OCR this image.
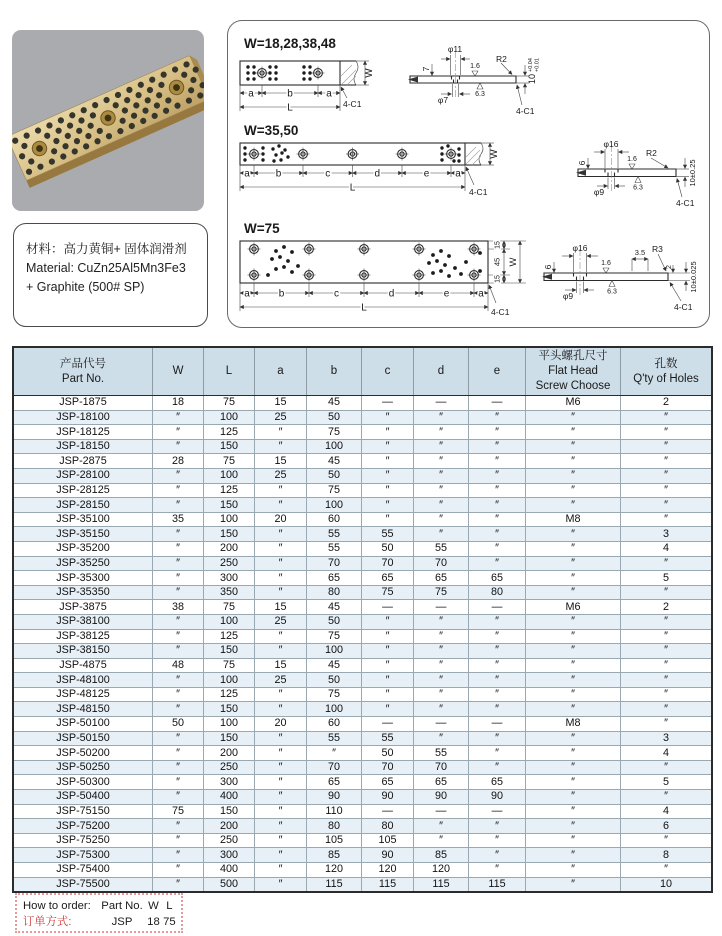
材料：高力黄铜+ 固体润滑剂
Material: CuZn25Al5Mn3Fe3
+ Graphite (500# SP)
W=18,28,38,48
a	b	a
L
W
4-C1
φ11
7
φ7
1.6
6.3
R2
10
+0.04 +0.01
4-C1
W=35,50
a	b	c	d	e	a
L
W
4-C1
φ16
6
φ9
1.6
6.3
R2
10±0.25
4-C1
W=75
a	b	c	d	e	a
L
15
45
15
W
4-C1
φ16	3.5 R3
6
φ9
1.6
6.3
2 10±0.025
4-C1
产品代号
Part No.

W	L	a	b	c	d	e

平头螺孔尺寸
Flat Head
Screw Choose

孔数
Q'ty of Holes

JSP-1875	18	75	15	45	—	—	—	M6	2
JSP-18100	″	100	25	50	″	″	″	″	″
JSP-18125	″	125	″	75	″	″	″	″	″
JSP-18150	″	150	″	100	″	″	″	″	″
JSP-2875	28	75	15	45	″	″	″	″	″
JSP-28100	″	100	25	50	″	″	″	″	″
JSP-28125	″	125	″	75	″	″	″	″	″
JSP-28150	″	150	″	100	″	″	″	″	″
JSP-35100	35	100	20	60	″	″	″	M8	″
JSP-35150	″	150	″	55	55	″	″	″	3
JSP-35200	″	200	″	55	50	55	″	″	4
JSP-35250	″	250	″	70	70	70	″	″	″
JSP-35300	″	300	″	65	65	65	65	″	5
JSP-35350	″	350	″	80	75	75	80	″	″
JSP-3875	38	75	15	45	—	—	—	M6	2
JSP-38100	″	100	25	50	″	″	″	″	″
JSP-38125	″	125	″	75	″	″	″	″	″
JSP-38150	″	150	″	100	″	″	″	″	″
JSP-4875	48	75	15	45	″	″	″	″	″
JSP-48100	″	100	25	50	″	″	″	″	″
JSP-48125	″	125	″	75	″	″	″	″	″
JSP-48150	″	150	″	100	″	″	″	″	″
JSP-50100	50	100	20	60	—	—	—	M8	″
JSP-50150	″	150	″	55	55	″	″	″	3
JSP-50200	″	200	″	″	50	55	″	″	4
JSP-50250	″	250	″	70	70	70	″	″	″
JSP-50300	″	300	″	65	65	65	65	″	5
JSP-50400	″	400	″	90	90	90	90	″	″
JSP-75150	75	150	″	110	—	—	—	″	4
JSP-75200	″	200	″	80	80	″	″	″	6
JSP-75250	″	250	″	105	105	″	″	″	″
JSP-75300	″	300	″	85	90	85	″	″	8
JSP-75400	″	400	″	120	120	120	″	″	″
JSP-75500	″	500	″	115	115	115	115	″	10
How to order: Part No. W L
订单方式:	JSP	18 75
